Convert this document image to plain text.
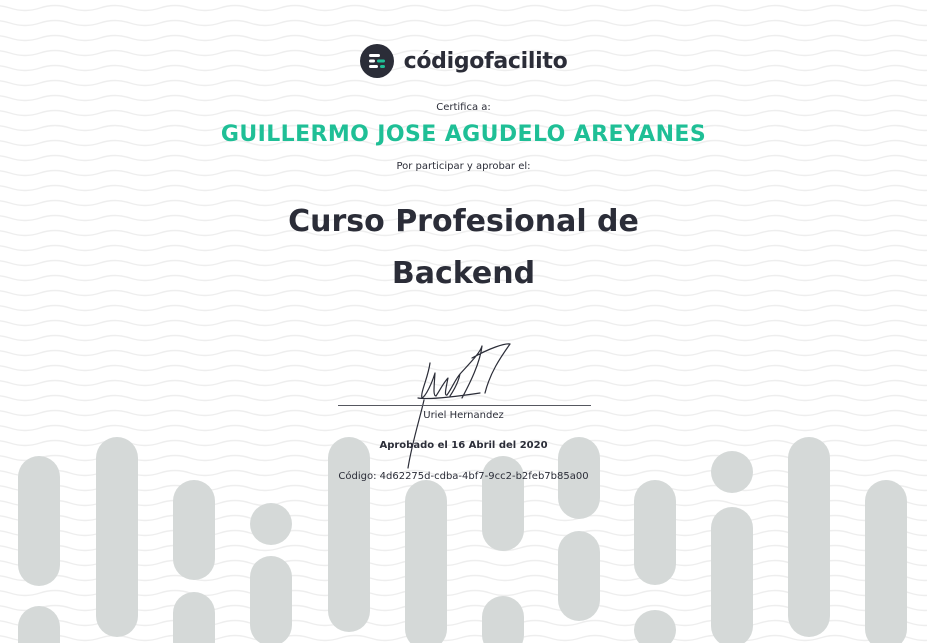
códigofacilito
Certifica a:
GUILLERMO JOSE AGUDELO AREYANES
Por participar y aprobar el:
Curso Profesional de
Backend
Uriel Hernandez
Aprobado el 16 Abril del 2020
Código: 4d62275d-cdba-4bf7-9cc2-b2feb7b85a00
